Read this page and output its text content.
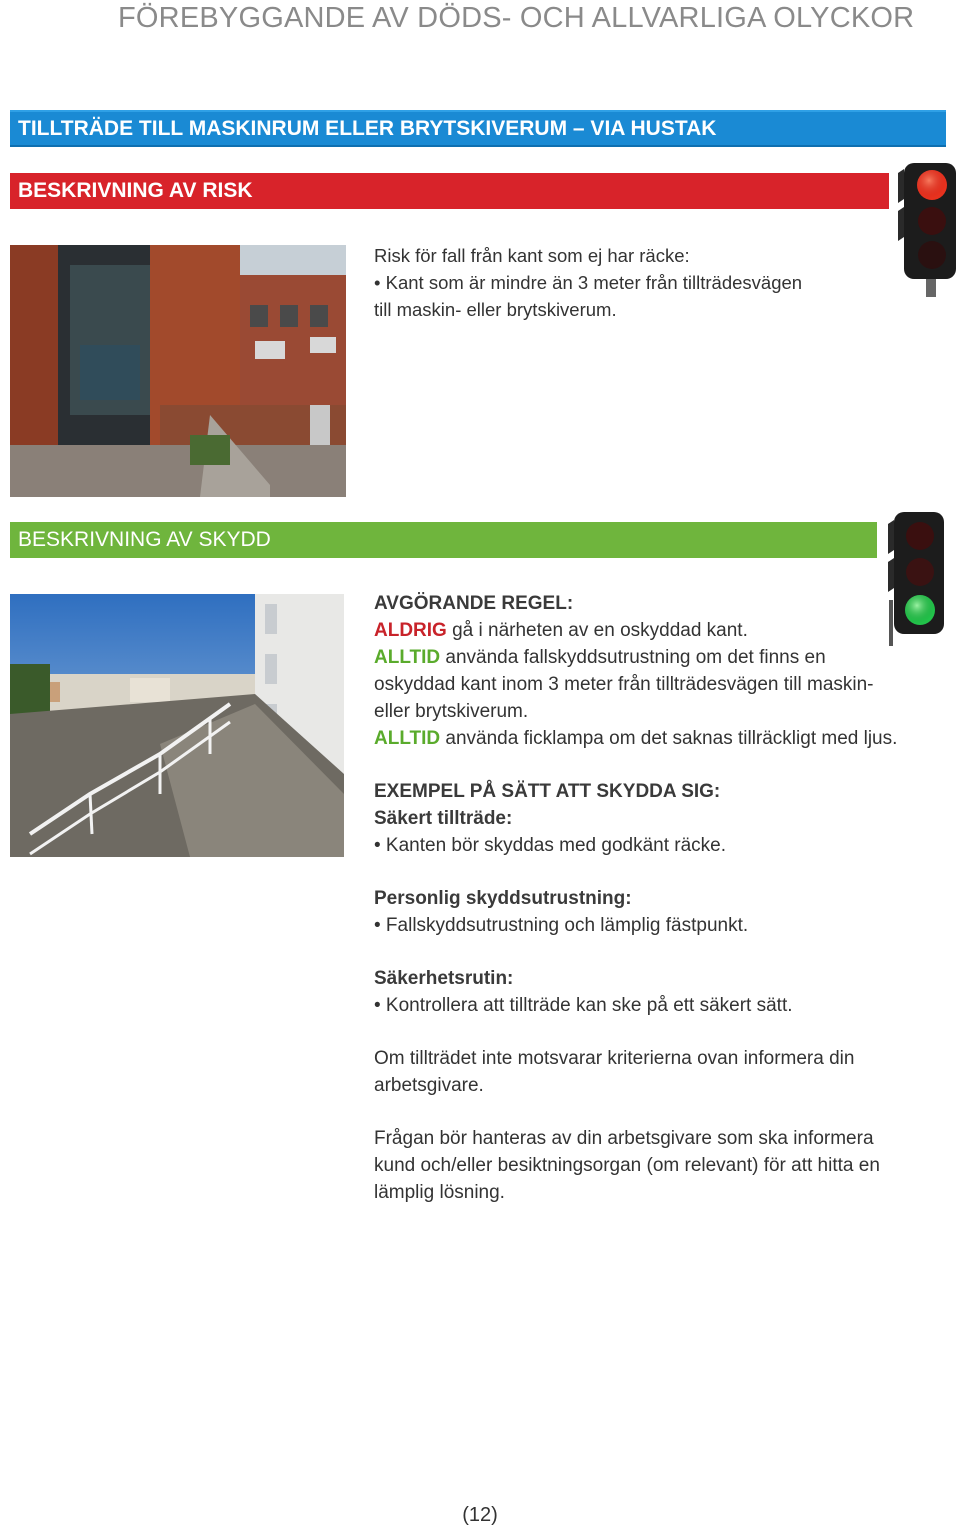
FÖREBYGGANDE AV DÖDS- OCH ALLVARLIGA OLYCKOR
TILLTRÄDE TILL MASKINRUM ELLER BRYTSKIVERUM – VIA HUSTAK
BESKRIVNING AV RISK

Risk för fall från kant som ej har räcke:

• Kant som är mindre än 3 meter från tillträdesvägen

till maskin- eller brytskiverum.

BESKRIVNING AV SKYDD

AVGÖRANDE REGEL:

ALDRIG gå i närheten av en oskyddad kant.

ALLTID använda fallskyddsutrustning om det finns en

oskyddad kant inom 3 meter från tillträdesvägen till maskin-

eller brytskiverum.

ALLTID använda ficklampa om det saknas tillräckligt med ljus.

EXEMPEL PÅ SÄTT ATT SKYDDA SIG:

Säkert tillträde:

• Kanten bör skyddas med godkänt räcke.

Personlig skyddsutrustning:

• Fallskyddsutrustning och lämplig fästpunkt.

Säkerhetsrutin:

• Kontrollera att tillträde kan ske på ett säkert sätt.

Om tillträdet inte motsvarar kriterierna ovan informera din

arbetsgivare.

Frågan bör hanteras av din arbetsgivare som ska informera

kund och/eller besiktningsorgan (om relevant) för att hitta en

lämplig lösning.

(12)
